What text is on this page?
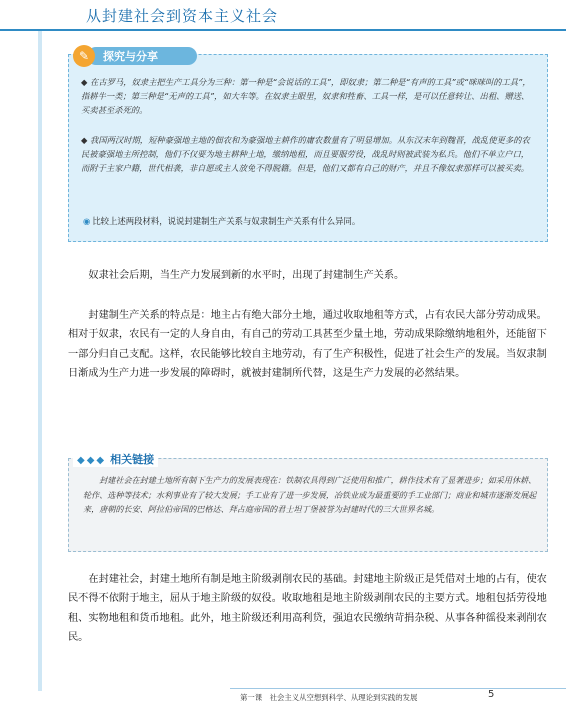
从封建社会到资本主义社会
✎	探究与分享
◆ 在古罗马，奴隶主把生产工具分为三种：第一种是“会说话的工具”，即奴隶；第二种是“有声的工具”或“咪咪叫的工具”，指耕牛一类；第三种是“无声的工具”，如大车等。在奴隶主眼里，奴隶和牲畜、工具一样，是可以任意转让、出租、赠送、买卖甚至杀死的。
◆ 我国两汉时期，短种豪强地主地的佃农和为豪强地主耕作的庸农数量有了明显增加。从东汉末年到魏晋，战乱使更多的农民被豪强地主所控制，他们不仅要为地主耕种土地，缴纳地租，而且要服劳役，战乱时则被武装为私兵。他们不单立户口，而附于主家户籍，世代相袭，非自愿或主人放免不得脱籍。但是，他们又都有自己的财产，并且不像奴隶那样可以被买卖。
◉ 比较上述两段材料，说说封建制生产关系与奴隶制生产关系有什么异同。

奴隶社会后期，当生产力发展到新的水平时，出现了封建制生产关系。

封建制生产关系的特点是：地主占有绝大部分土地，通过收取地租等方式，占有农民大部分劳动成果。相对于奴隶，农民有一定的人身自由，有自己的劳动工具甚至少量土地，劳动成果除缴纳地租外，还能留下一部分归自己支配。这样，农民能够比较自主地劳动，有了生产积极性，促进了社会生产的发展。当奴隶制日渐成为生产力进一步发展的障碍时，就被封建制所代替，这是生产力发展的必然结果。

◆◆◆ 相关链接
封建社会在封建土地所有制下生产力的发展表现在：铁制农具得到广泛使用和推广，耕作技术有了显著进步；如采用休耕、轮作、选种等技术；水利事业有了较大发展；手工业有了进一步发展，冶铁业成为最重要的手工业部门；商业和城市逐渐发展起来，唐朝的长安、阿拉伯帝国的巴格达、拜占庭帝国的君士坦丁堡被誉为封建时代的三大世界名城。

在封建社会，封建土地所有制是地主阶级剥削农民的基础。封建地主阶级正是凭借对土地的占有，使农民不得不依附于地主，屈从于地主阶级的奴役。收取地租是地主阶级剥削农民的主要方式。地租包括劳役地租、实物地租和货币地租。此外，地主阶级还利用高利贷，强迫农民缴纳苛捐杂税、从事各种徭役来剥削农民。

第一课　社会主义从空想到科学、从理论到实践的发展	5
